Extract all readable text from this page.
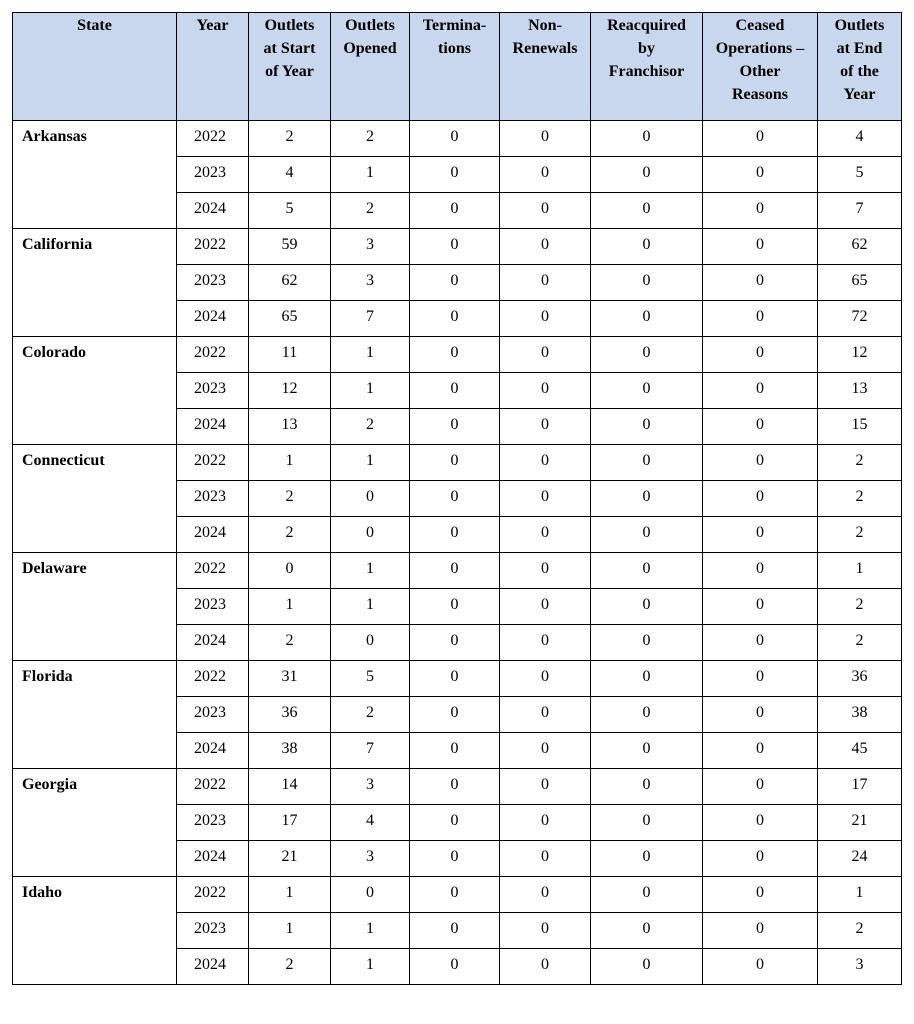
State	Year	Outlets
at Start
of Year	Outlets
Opened	Termina-
tions	Non-
Renewals	Reacquired
by
Franchisor	Ceased
Operations –
Other
Reasons	Outlets
at End
of the
Year
Arkansas	2022	2	2	0	0	0	0	4
	2023	4	1	0	0	0	0	5
	2024	5	2	0	0	0	0	7
California	2022	59	3	0	0	0	0	62
	2023	62	3	0	0	0	0	65
	2024	65	7	0	0	0	0	72
Colorado	2022	11	1	0	0	0	0	12
	2023	12	1	0	0	0	0	13
	2024	13	2	0	0	0	0	15
Connecticut	2022	1	1	0	0	0	0	2
	2023	2	0	0	0	0	0	2
	2024	2	0	0	0	0	0	2
Delaware	2022	0	1	0	0	0	0	1
	2023	1	1	0	0	0	0	2
	2024	2	0	0	0	0	0	2
Florida	2022	31	5	0	0	0	0	36
	2023	36	2	0	0	0	0	38
	2024	38	7	0	0	0	0	45
Georgia	2022	14	3	0	0	0	0	17
	2023	17	4	0	0	0	0	21
	2024	21	3	0	0	0	0	24
Idaho	2022	1	0	0	0	0	0	1
	2023	1	1	0	0	0	0	2
	2024	2	1	0	0	0	0	3
